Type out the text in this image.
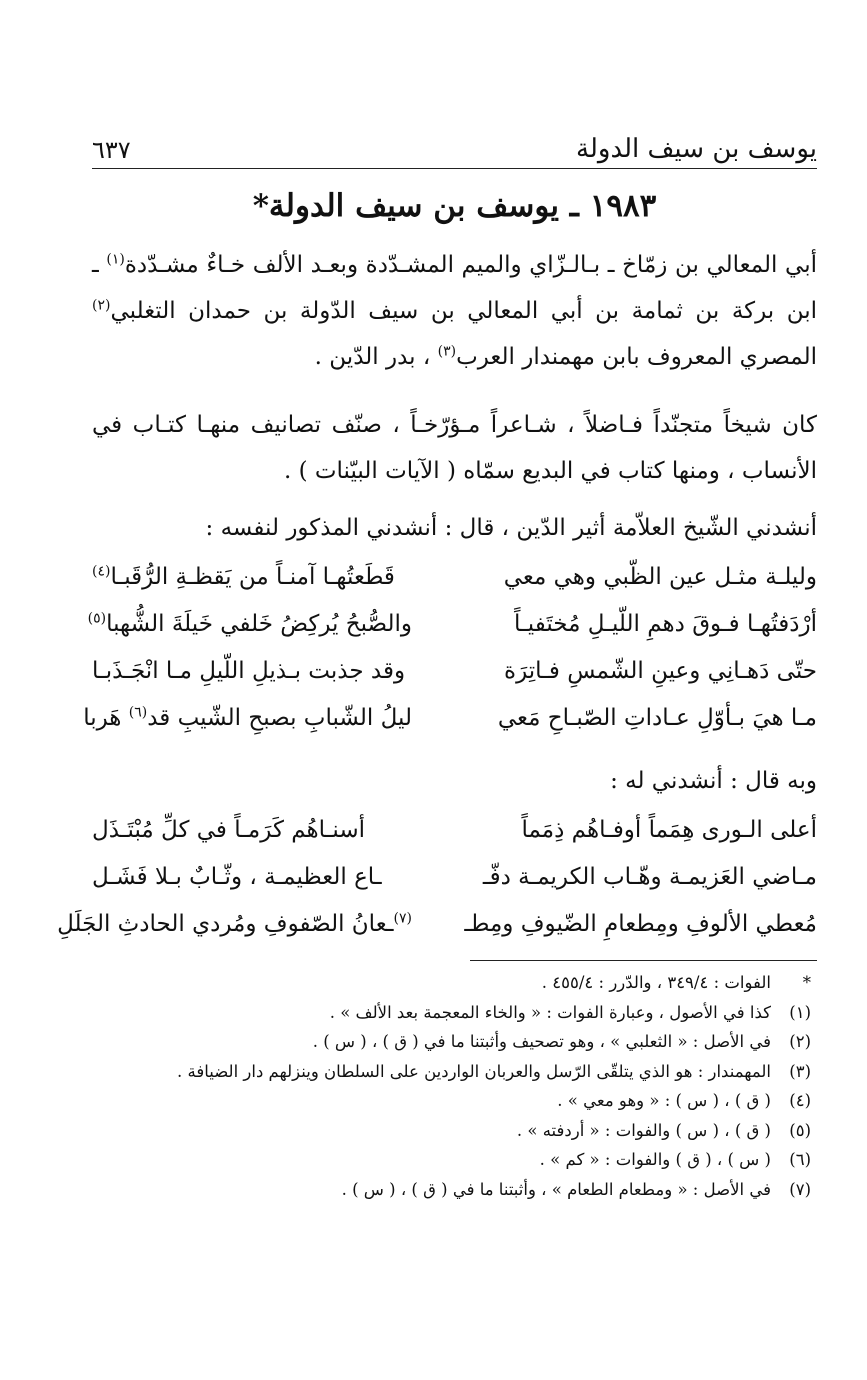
يوسف بن سيف الدولة
٦٣٧
١٩٨٣ ـ يوسف بن سيف الدولة*

أبي المعالي بن زمّاخ ـ بـالـزّاي والميم المشـدّدة وبعـد الألف خـاءٌ مشـدّدة$^{(١)}$ ـ ابن بركة بن ثمامة بن أبي المعالي بن سيف الدّولة بن حمدان التغلبي$^{(٢)}$ المصري المعروف بابن مهمندار العرب$^{(٣)}$ ، بدر الدّين .

كان شيخاً متجنّداً فـاضلاً ، شـاعراً مـؤرّخـاً ، صنّف تصانيف منهـا كتـاب في الأنساب ، ومنها كتاب في البديع سمّاه ( الآيات البيّنات ) .

أنشدني الشّيخ العلاّمة أثير الدّين ، قال : أنشدني المذكور لنفسه :

وليلـة مثـل عين الظّبي وهي معي
قَطَعتُهـا آمنـاً من يَقظـةِ الرُّقَبـا$^{(٤)}$
أرْدَفتُهـا فـوقَ دهمِ اللّيـلِ مُختَفيـاً
والصُّبحُ يُركِضُ خَلفي خَيلَةَ الشُّهبا$^{(٥)}$
حتّى دَهـانِي وعينِ الشّمسِ فـاتِرَة
وقد جذبت بـذيلِ اللّيلِ مـا انْجَـذَبـا
مـا هيَ بـأوّلِ عـاداتِ الصّبـاحِ مَعي
ليلُ الشّبابِ بصبحِ الشّيبِ قد$^{(٦)}$ هَربا

وبه قال : أنشدني له :

أعلى الـورى هِمَماً أوفـاهُم ذِمَماً
أسنـاهُم كَرَمـاً في كلِّ مُبْتَـذَل
مـاضي العَزيمـة وهّـاب الكريمـة دفّـ
ـاع العظيمـة ، وثّـابٌ بـلا فَشَـل
مُعطي الألوفِ ومِطعامِ الضّيوفِ ومِطـ
$^{(٧)}$ـعانُ الصّفوفِ ومُردي الحادثِ الجَلَلِ
*
الفوات : ٣٤٩/٤ ، والدّرر : ٤٥٥/٤ .
(١)
كذا في الأصول ، وعبارة الفوات : « والخاء المعجمة بعد الألف » .
(٢)
في الأصل : « الثعلبي » ، وهو تصحيف وأثبتنا ما في ( ق ) ، ( س ) .
(٣)
المهمندار : هو الذي يتلقّى الرّسل والعربان الواردين على السلطان وينزلهم دار الضيافة .
(٤)
( ق ) ، ( س ) : « وهو معي » .
(٥)
( ق ) ، ( س ) والفوات : « أردفته » .
(٦)
( س ) ، ( ق ) والفوات : « كم » .
(٧)
في الأصل : « ومطعام الطعام » ، وأثبتنا ما في ( ق ) ، ( س ) .
